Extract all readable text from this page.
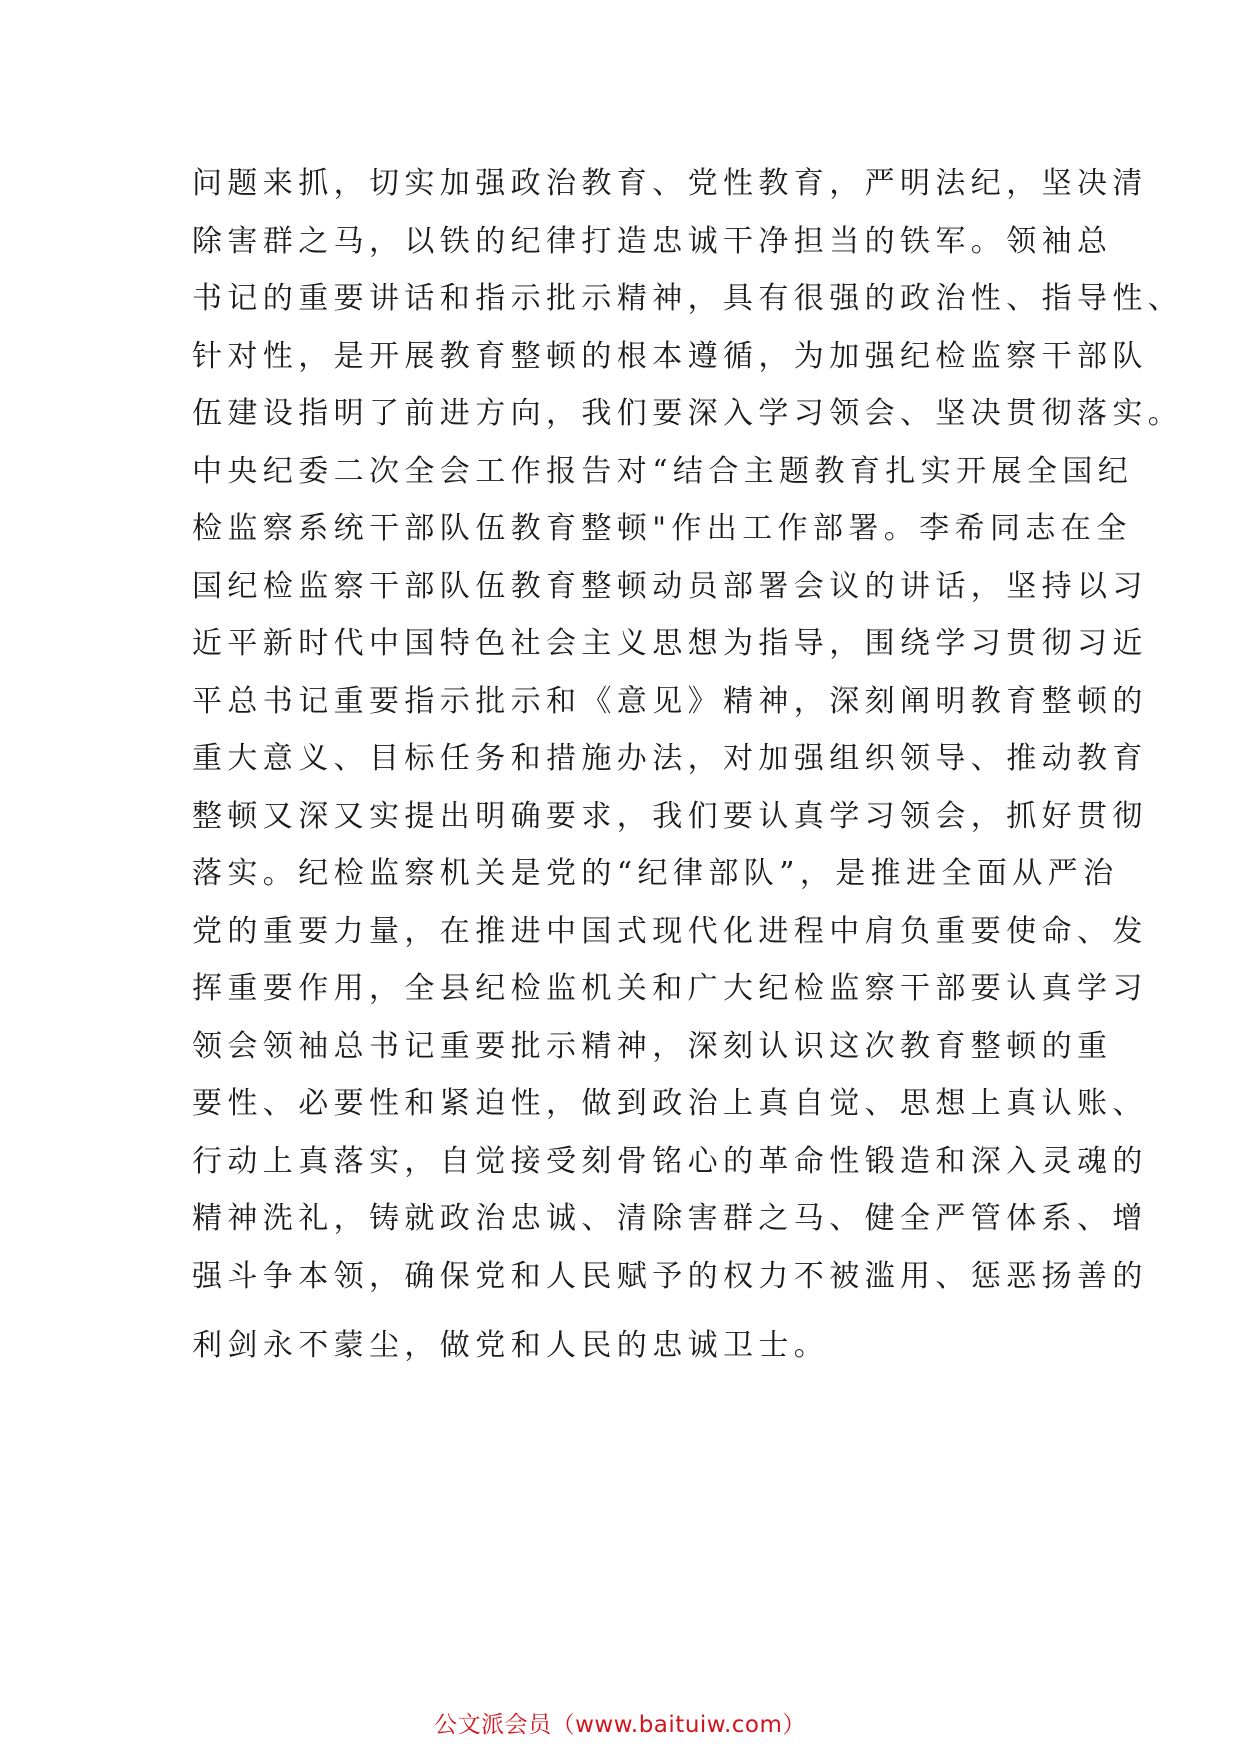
问题来抓，切实加强政治教育、党性教育，严明法纪，坚决清
除害群之马，以铁的纪律打造忠诚干净担当的铁军。领袖总
书记的重要讲话和指示批示精神，具有很强的政治性、指导性、
针对性，是开展教育整顿的根本遵循，为加强纪检监察干部队
伍建设指明了前进方向，我们要深入学习领会、坚决贯彻落实。
中央纪委二次全会工作报告对“结合主题教育扎实开展全国纪
检监察系统干部队伍教育整顿"作出工作部署。李希同志在全
国纪检监察干部队伍教育整顿动员部署会议的讲话，坚持以习
近平新时代中国特色社会主义思想为指导，围绕学习贯彻习近
平总书记重要指示批示和《意见》精神，深刻阐明教育整顿的
重大意义、目标任务和措施办法，对加强组织领导、推动教育
整顿又深又实提出明确要求，我们要认真学习领会，抓好贯彻
落实。纪检监察机关是党的“纪律部队”，是推进全面从严治
党的重要力量，在推进中国式现代化进程中肩负重要使命、发
挥重要作用，全县纪检监机关和广大纪检监察干部要认真学习
领会领袖总书记重要批示精神，深刻认识这次教育整顿的重
要性、必要性和紧迫性，做到政治上真自觉、思想上真认账、
行动上真落实，自觉接受刻骨铭心的革命性锻造和深入灵魂的
精神洗礼，铸就政治忠诚、清除害群之马、健全严管体系、增
强斗争本领，确保党和人民赋予的权力不被滥用、惩恶扬善的
利剑永不蒙尘，做党和人民的忠诚卫士。
公文派会员（www.baituiw.com）
